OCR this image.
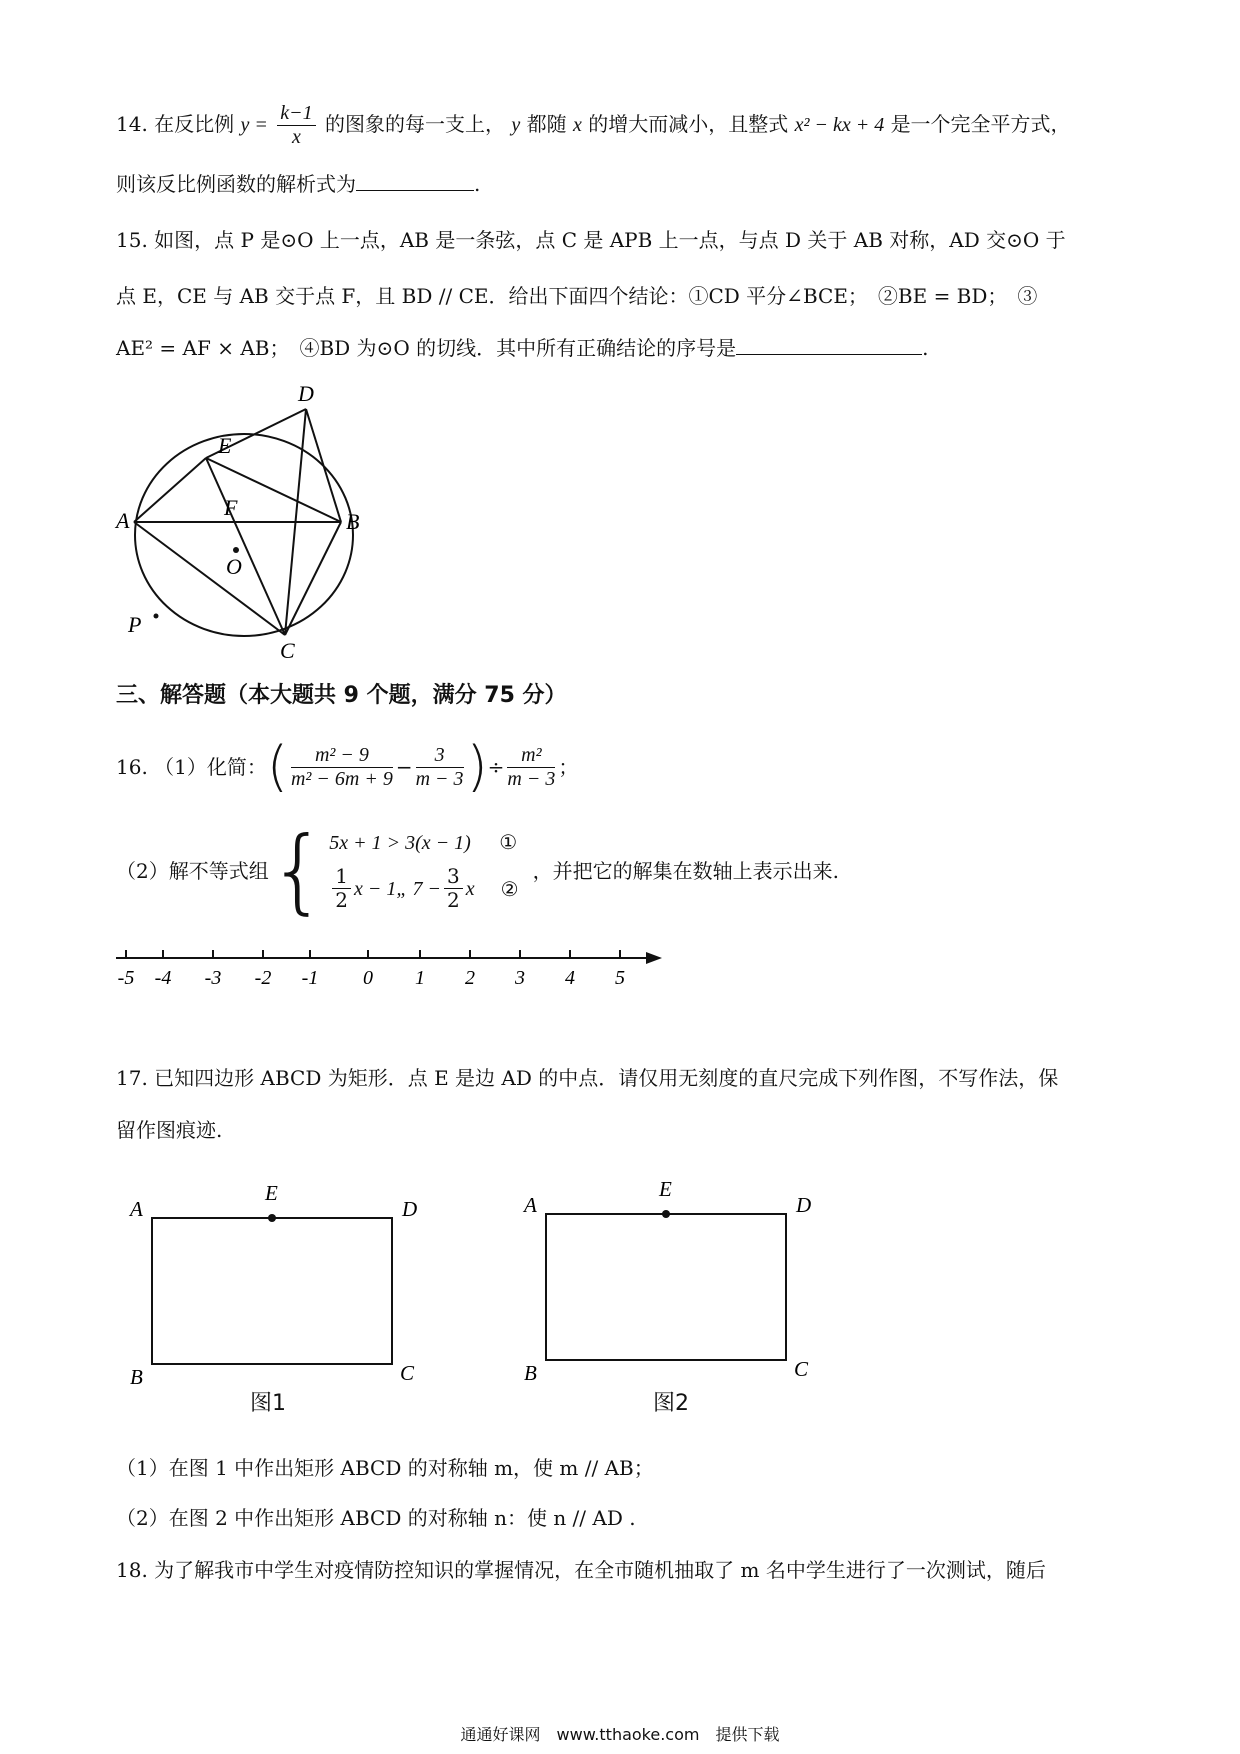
14. 在反比例 $y = \frac{k-1}{x}$ 的图象的每一支上， y 都随 x 的增大而减小，且整式 x² − kx + 4 是一个完全平方式，
则该反比例函数的解析式为	.
15. 如图，点 P 是⊙O 上一点，AB 是一条弦，点 C 是 APB 上一点，与点 D 关于 AB 对称，AD 交⊙O 于
点 E，CE 与 AB 交于点 F，且 BD // CE．给出下面四个结论：①CD 平分∠BCE；　②BE = BD；　③
AE² = AF × AB；　④BD 为⊙O 的切线．其中所有正确结论的序号是	.
D
E
F
A	B
O
P
C
三、解答题（本大题共 9 个题，满分 75 分）
16. （1）化简： ( $\frac{\text{m² − 9}}{\text{m² − 6m + 9}} - \frac{3}{m - 3}$ ) ÷ $\frac{\text{m²}}{m - 3}$ ；
（2）解不等式组 { 5x + 1 > 3(x − 1) ①
$\frac{1}{2}$ x − 1„ $7 - \frac{3}{2}$ x ②
，并把它的解集在数轴上表示出来.
-5 -4 -3 -2 -1 0 1 2 3 4 5
17. 已知四边形 ABCD 为矩形．点 E 是边 AD 的中点．请仅用无刻度的直尺完成下列作图，不写作法，保
留作图痕迹.
A
E
D
B	C
图1
A
E
D
B	C
图2
（1）在图 1 中作出矩形 ABCD 的对称轴 m，使 m // AB；
（2）在图 2 中作出矩形 ABCD 的对称轴 n：使 n // AD .
18. 为了解我市中学生对疫情防控知识的掌握情况，在全市随机抽取了 m 名中学生进行了一次测试，随后
通通好课网　www.tthaoke.com　提供下载
